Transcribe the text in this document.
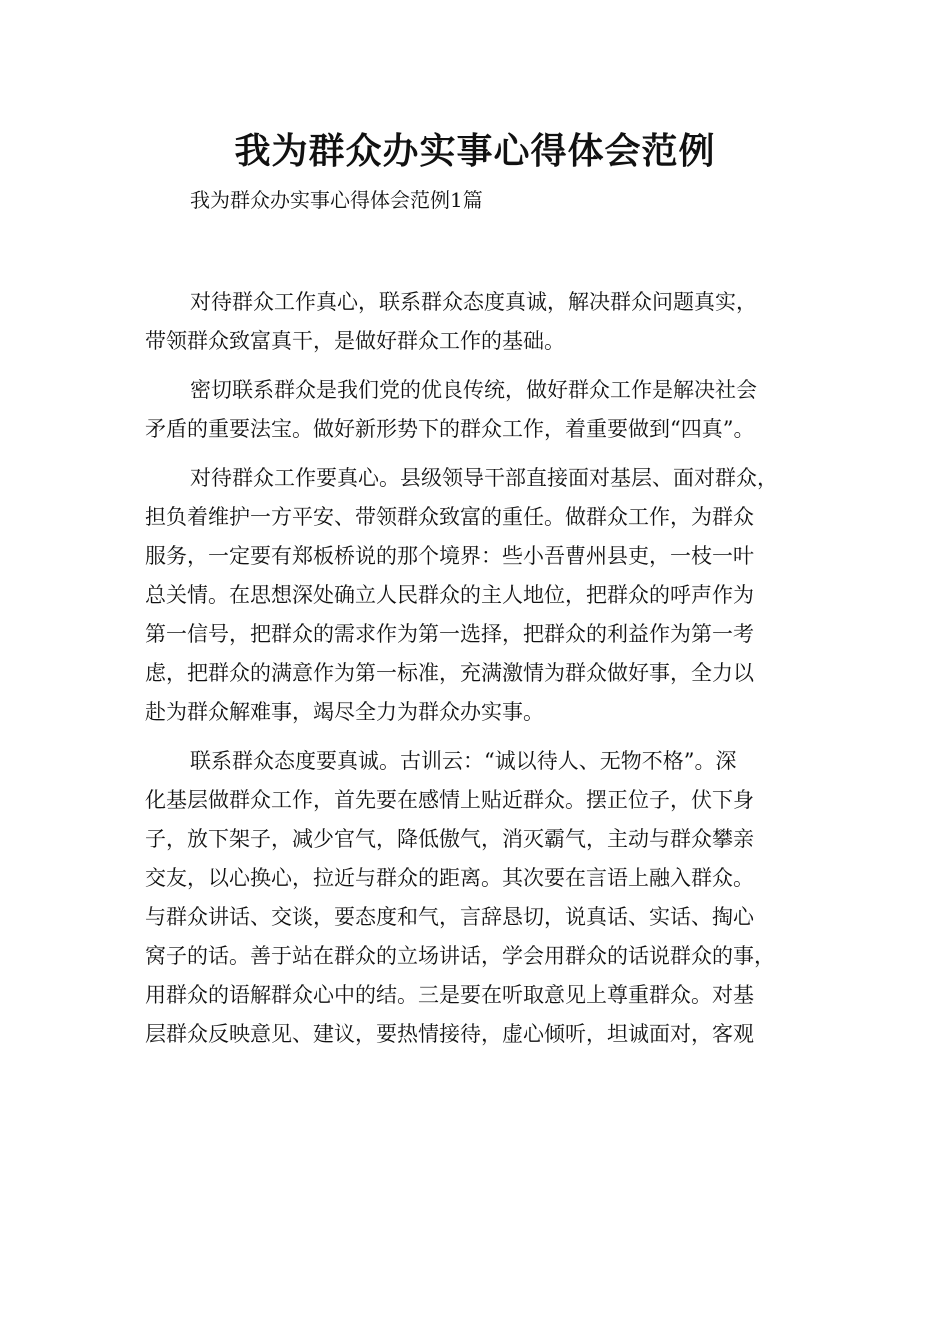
我为群众办实事心得体会范例

我为群众办实事心得体会范例1篇

对待群众工作真心，联系群众态度真诚，解决群众问题真实，
带领群众致富真干，是做好群众工作的基础。
密切联系群众是我们党的优良传统，做好群众工作是解决社会
矛盾的重要法宝。做好新形势下的群众工作，着重要做到“四真”。
对待群众工作要真心。县级领导干部直接面对基层、面对群众，
担负着维护一方平安、带领群众致富的重任。做群众工作，为群众
服务，一定要有郑板桥说的那个境界：些小吾曹州县吏，一枝一叶
总关情。在思想深处确立人民群众的主人地位，把群众的呼声作为
第一信号，把群众的需求作为第一选择，把群众的利益作为第一考
虑，把群众的满意作为第一标准，充满激情为群众做好事，全力以
赴为群众解难事，竭尽全力为群众办实事。
联系群众态度要真诚。古训云：“诚以待人、无物不格”。深
化基层做群众工作，首先要在感情上贴近群众。摆正位子，伏下身
子，放下架子，减少官气，降低傲气，消灭霸气，主动与群众攀亲
交友，以心换心，拉近与群众的距离。其次要在言语上融入群众。
与群众讲话、交谈，要态度和气，言辞恳切，说真话、实话、掏心
窝子的话。善于站在群众的立场讲话，学会用群众的话说群众的事，
用群众的语解群众心中的结。三是要在听取意见上尊重群众。对基
层群众反映意见、建议，要热情接待，虚心倾听，坦诚面对，客观
